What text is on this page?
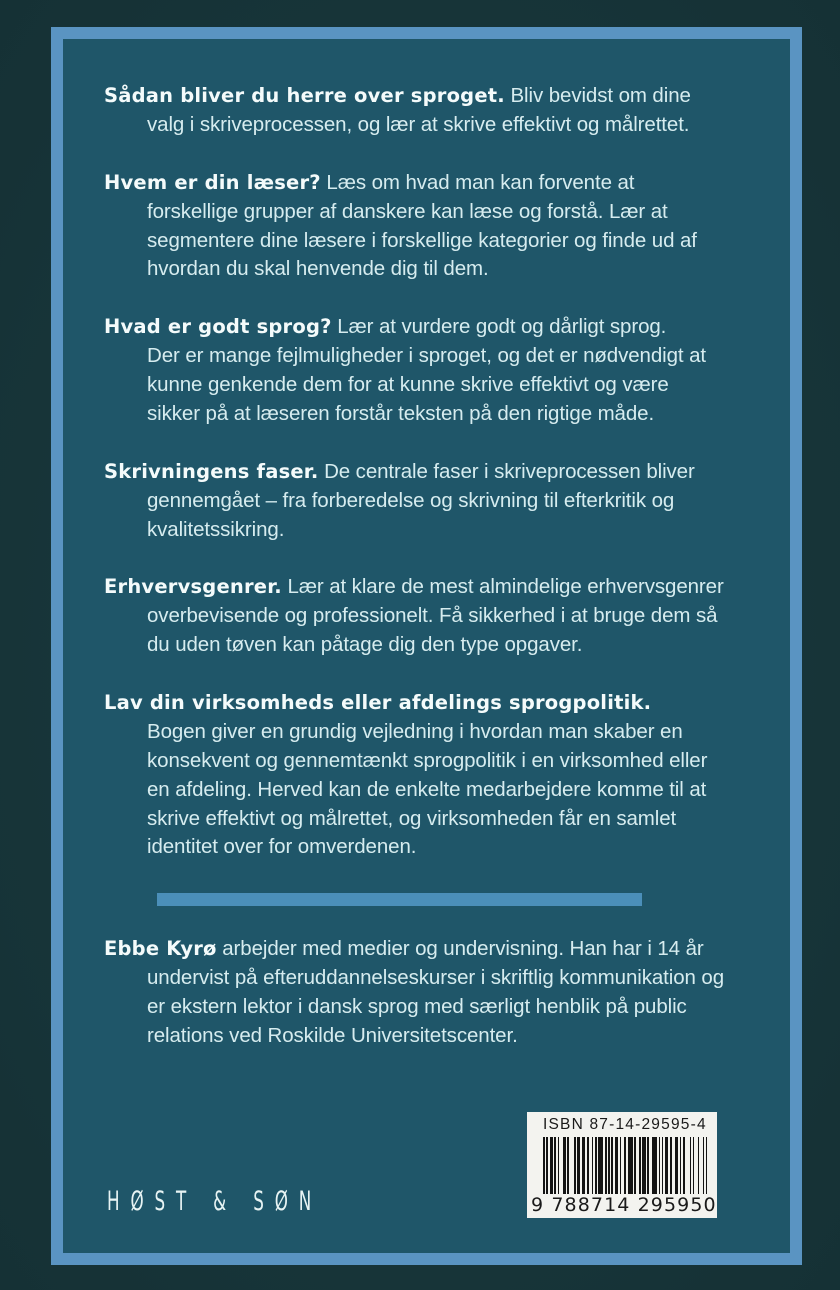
Sådan bliver du herre over sproget. Bliv bevidst om dine
valg i skriveprocessen, og lær at skrive effektivt og målrettet.

Hvem er din læser? Læs om hvad man kan forvente at
forskellige grupper af danskere kan læse og forstå. Lær at
segmentere dine læsere i forskellige kategorier og finde ud af
hvordan du skal henvende dig til dem.

Hvad er godt sprog? Lær at vurdere godt og dårligt sprog.
Der er mange fejlmuligheder i sproget, og det er nødvendigt at
kunne genkende dem for at kunne skrive effektivt og være
sikker på at læseren forstår teksten på den rigtige måde.

Skrivningens faser. De centrale faser i skriveprocessen bliver
gennemgået – fra forberedelse og skrivning til efterkritik og
kvalitetssikring.

Erhvervsgenrer. Lær at klare de mest almindelige erhvervsgenrer
overbevisende og professionelt. Få sikkerhed i at bruge dem så
du uden tøven kan påtage dig den type opgaver.

Lav din virksomheds eller afdelings sprogpolitik.
Bogen giver en grundig vejledning i hvordan man skaber en
konsekvent og gennemtænkt sprogpolitik i en virksomhed eller
en afdeling. Herved kan de enkelte medarbejdere komme til at
skrive effektivt og målrettet, og virksomheden får en samlet
identitet over for omverdenen.

Ebbe Kyrø arbejder med medier og undervisning. Han har i 14 år
undervist på efteruddannelseskurser i skriftlig kommunikation og
er ekstern lektor i dansk sprog med særligt henblik på public
relations ved Roskilde Universitetscenter.

HØST & SØN
ISBN 87-14-29595-4
9 788714 295950
